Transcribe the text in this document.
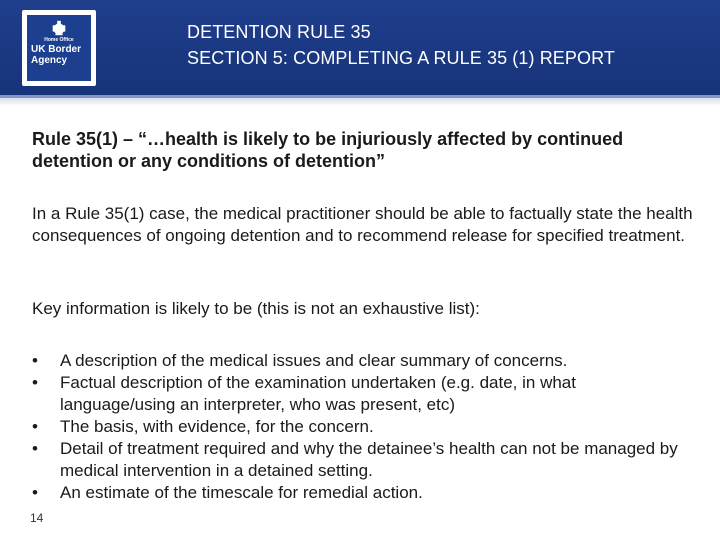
Home Office
UK Border
Agency
DETENTION RULE 35
SECTION 5: COMPLETING A RULE 35 (1) REPORT
Rule 35(1) – “…health is likely to be injuriously affected by continued detention or any conditions of detention”
In a Rule 35(1) case, the medical practitioner should be able to factually state the health consequences of ongoing detention and to recommend release for specified treatment.
Key information is likely to be (this is not an exhaustive list):
•	A description of the medical issues and clear summary of concerns.
•	Factual description of the examination undertaken (e.g. date, in what language/using an interpreter, who was present, etc)
•	The basis, with evidence, for the concern.
•	Detail of treatment required and why the detainee’s health can not be managed by medical intervention in a detained setting.
•	An estimate of the timescale for remedial action.
14
